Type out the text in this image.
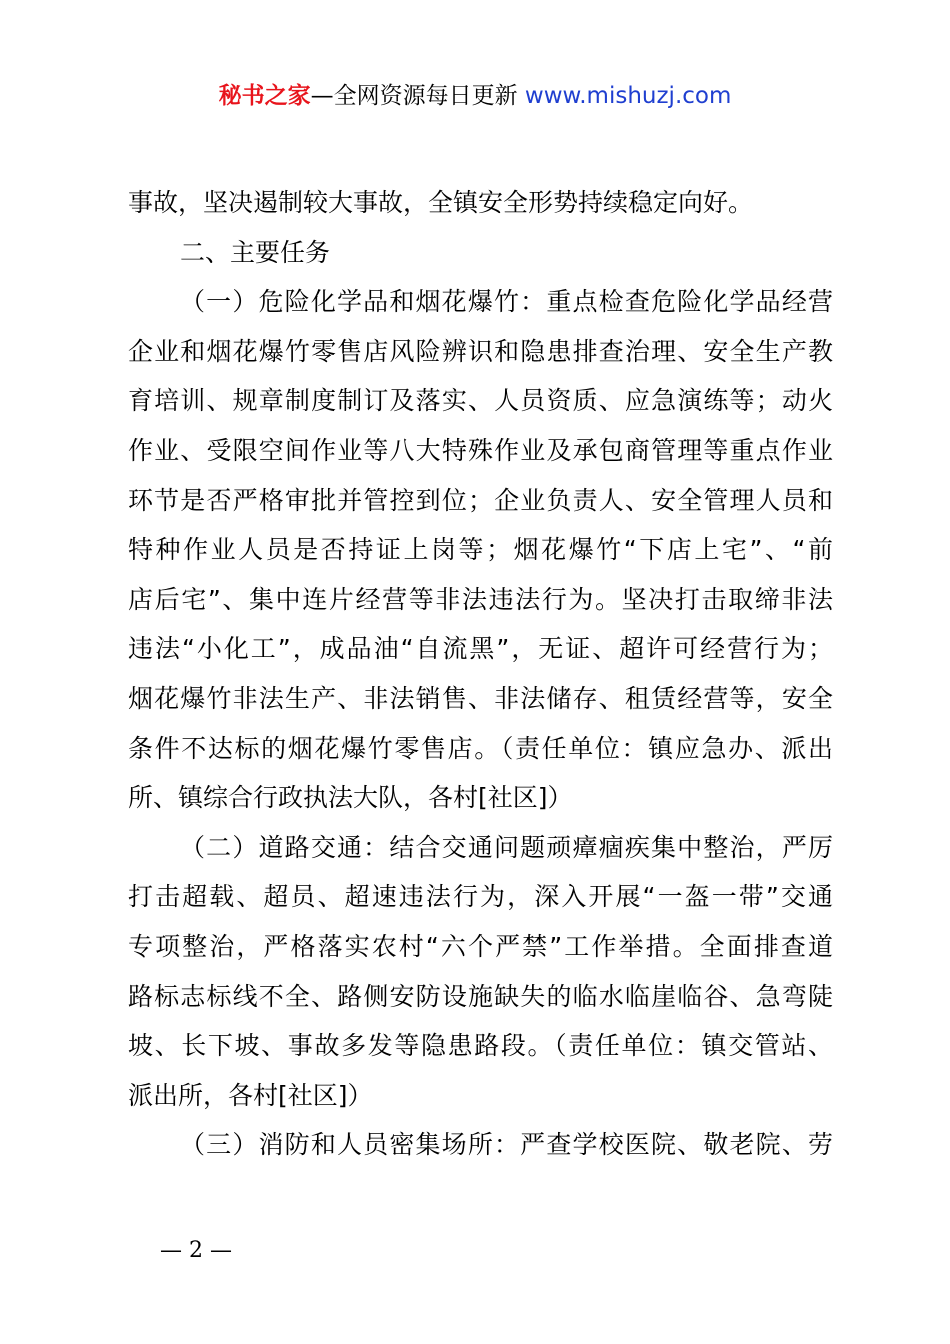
秘书之家—全网资源每日更新 www.mishuzj.com
事故，坚决遏制较大事故，全镇安全形势持续稳定向好。
二、主要任务
（一）危险化学品和烟花爆竹：重点检查危险化学品经营
企业和烟花爆竹零售店风险辨识和隐患排查治理、安全生产教
育培训、规章制度制订及落实、人员资质、应急演练等；动火
作业、受限空间作业等八大特殊作业及承包商管理等重点作业
环节是否严格审批并管控到位；企业负责人、安全管理人员和
特种作业人员是否持证上岗等；烟花爆竹“下店上宅”、“前
店后宅”、集中连片经营等非法违法行为。坚决打击取缔非法
违法“小化工”，成品油“自流黑”，无证、超许可经营行为；
烟花爆竹非法生产、非法销售、非法储存、租赁经营等，安全
条件不达标的烟花爆竹零售店。（责任单位：镇应急办、派出
所、镇综合行政执法大队，各村[社区]）
（二）道路交通：结合交通问题顽瘴痼疾集中整治，严厉
打击超载、超员、超速违法行为，深入开展“一盔一带”交通
专项整治，严格落实农村“六个严禁”工作举措。全面排查道
路标志标线不全、路侧安防设施缺失的临水临崖临谷、急弯陡
坡、长下坡、事故多发等隐患路段。（责任单位：镇交管站、
派出所，各村[社区]）
（三）消防和人员密集场所：严查学校医院、敬老院、劳
— 2 —
